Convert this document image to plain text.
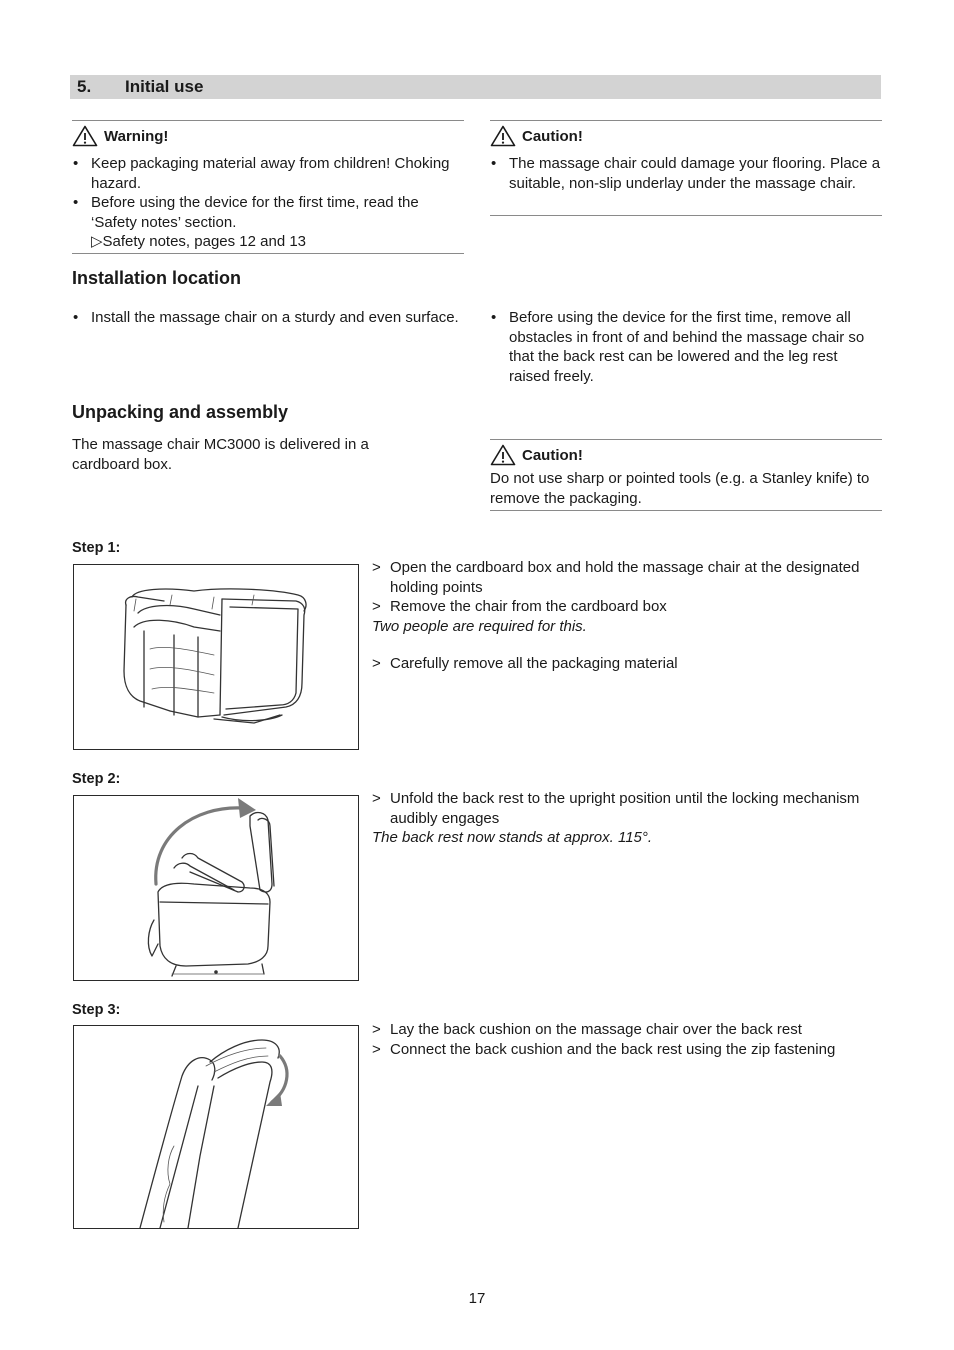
5. Initial use
Warning!
• Keep packaging material away from children! Choking hazard.
• Before using the device for the first time, read the ‘Safety notes’ section.
▷Safety notes, pages 12 and 13
Caution!
• The massage chair could damage your flooring. Place a suitable, non-slip underlay under the massage chair.
Installation location
• Install the massage chair on a sturdy and even surface.
•	Before using the device for the first time, remove all obstacles in front of and behind the massage chair so that the back rest can be lowered and the leg rest raised freely.
Unpacking and assembly
The massage chair MC3000 is delivered in a cardboard box.
Caution!
Do not use sharp or pointed tools (e.g. a Stanley knife) to remove the packaging.
Step 1:
> Open the cardboard box and hold the massage chair at the designated holding points
> Remove the chair from the cardboard box
Two people are required for this.
> Carefully remove all the packaging material
Step 2:
> Unfold the back rest to the upright position until the locking mechanism audibly engages
The back rest now stands at approx. 115°.
Step 3:
> Lay the back cushion on the massage chair over the back rest
> Connect the back cushion and the back rest using the zip fastening
17
